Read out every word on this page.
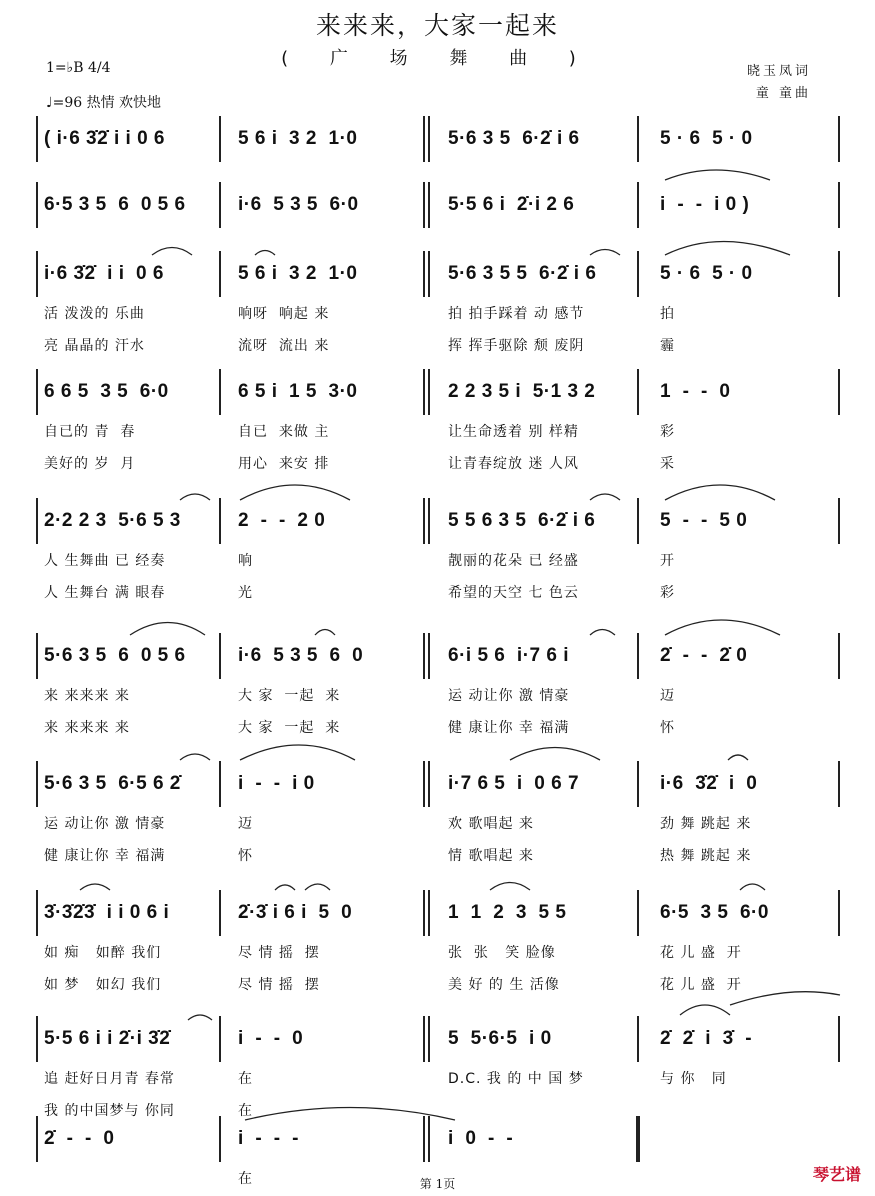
来来来，大家一起来
( 广 场 舞 曲 )
1=♭B 4/4
♩=96 热情 欢快地
晓玉凤词
童 童曲
( i·6 3̇2̇ i i 0 6	5 6 i  3 2  1·0	5·6 3 5  6·2̇ i 6	5 · 6  5 · 0
6·5 3 5  6  0 5 6	i·6  5 3 5  6·0	5·5 6 i  2̇·i 2 6	i  -  -  i 0 )
i·6 3̇2̇  i i  0 6	5 6 i  3 2  1·0	5·6 3 5 5  6·2̇ i 6	5 · 6  5 · 0
活 泼泼的 乐曲	响呀  响起 来	拍 拍手踩着 动 感节	拍
亮 晶晶的 汗水	流呀  流出 来	挥 挥手驱除 颓 废阴	霾
6 6 5  3 5  6·0	6 5 i  1 5  3·0	2 2 3 5 i  5·1 3 2	1  -  -  0
自已的 青  春	自已  来做 主	让生命透着 别 样精	彩
美好的 岁  月	用心  来安 排	让青春绽放 迷 人风	采
2·2 2 3  5·6 5 3	2  -  -  2 0	5 5 6 3 5  6·2̇ i 6	5  -  -  5 0
人 生舞曲 已 经奏	响	靓丽的花朵 已 经盛	开
人 生舞台 满 眼春	光	希望的天空 七 色云	彩
5·6 3 5  6  0 5 6	i·6  5 3 5  6  0	6·i 5 6  i·7 6 i	2̇  -  -  2̇ 0
来 来来来 来	大 家  一起  来	运 动让你 激 情豪	迈
来 来来来 来	大 家  一起  来	健 康让你 幸 福满	怀
5·6 3 5  6·5 6 2̇	i  -  -  i 0	i·7 6 5  i  0 6 7	i·6  3̇2̇  i  0
运 动让你 激 情豪	迈	欢 歌唱起 来	劲 舞 跳起 来
健 康让你 幸 福满	怀	情 歌唱起 来	热 舞 跳起 来
3̇·3̇2̇3̇  i i 0 6 i	2̇·3̇ i 6 i  5  0	1  1  2  3  5 5	6·5  3 5  6·0
如 痴   如醉 我们	尽 情 摇  摆	张  张   笑 脸像	花 儿 盛  开
如 梦   如幻 我们	尽 情 摇  摆	美 好 的 生 活像	花 儿 盛  开
5·5 6 i i 2̇·i 3̇2̇	i  -  -  0	5  5·6·5  i 0	2̇  2̇  i  3̇  -
追 赶好日月青 春常	在	D.C. 我 的 中 国 梦	与 你   同
我 的中国梦与 你同	在
2̇  -  -  0	i  -  -  -	i  0  -  -
在	第 1页	琴艺谱
